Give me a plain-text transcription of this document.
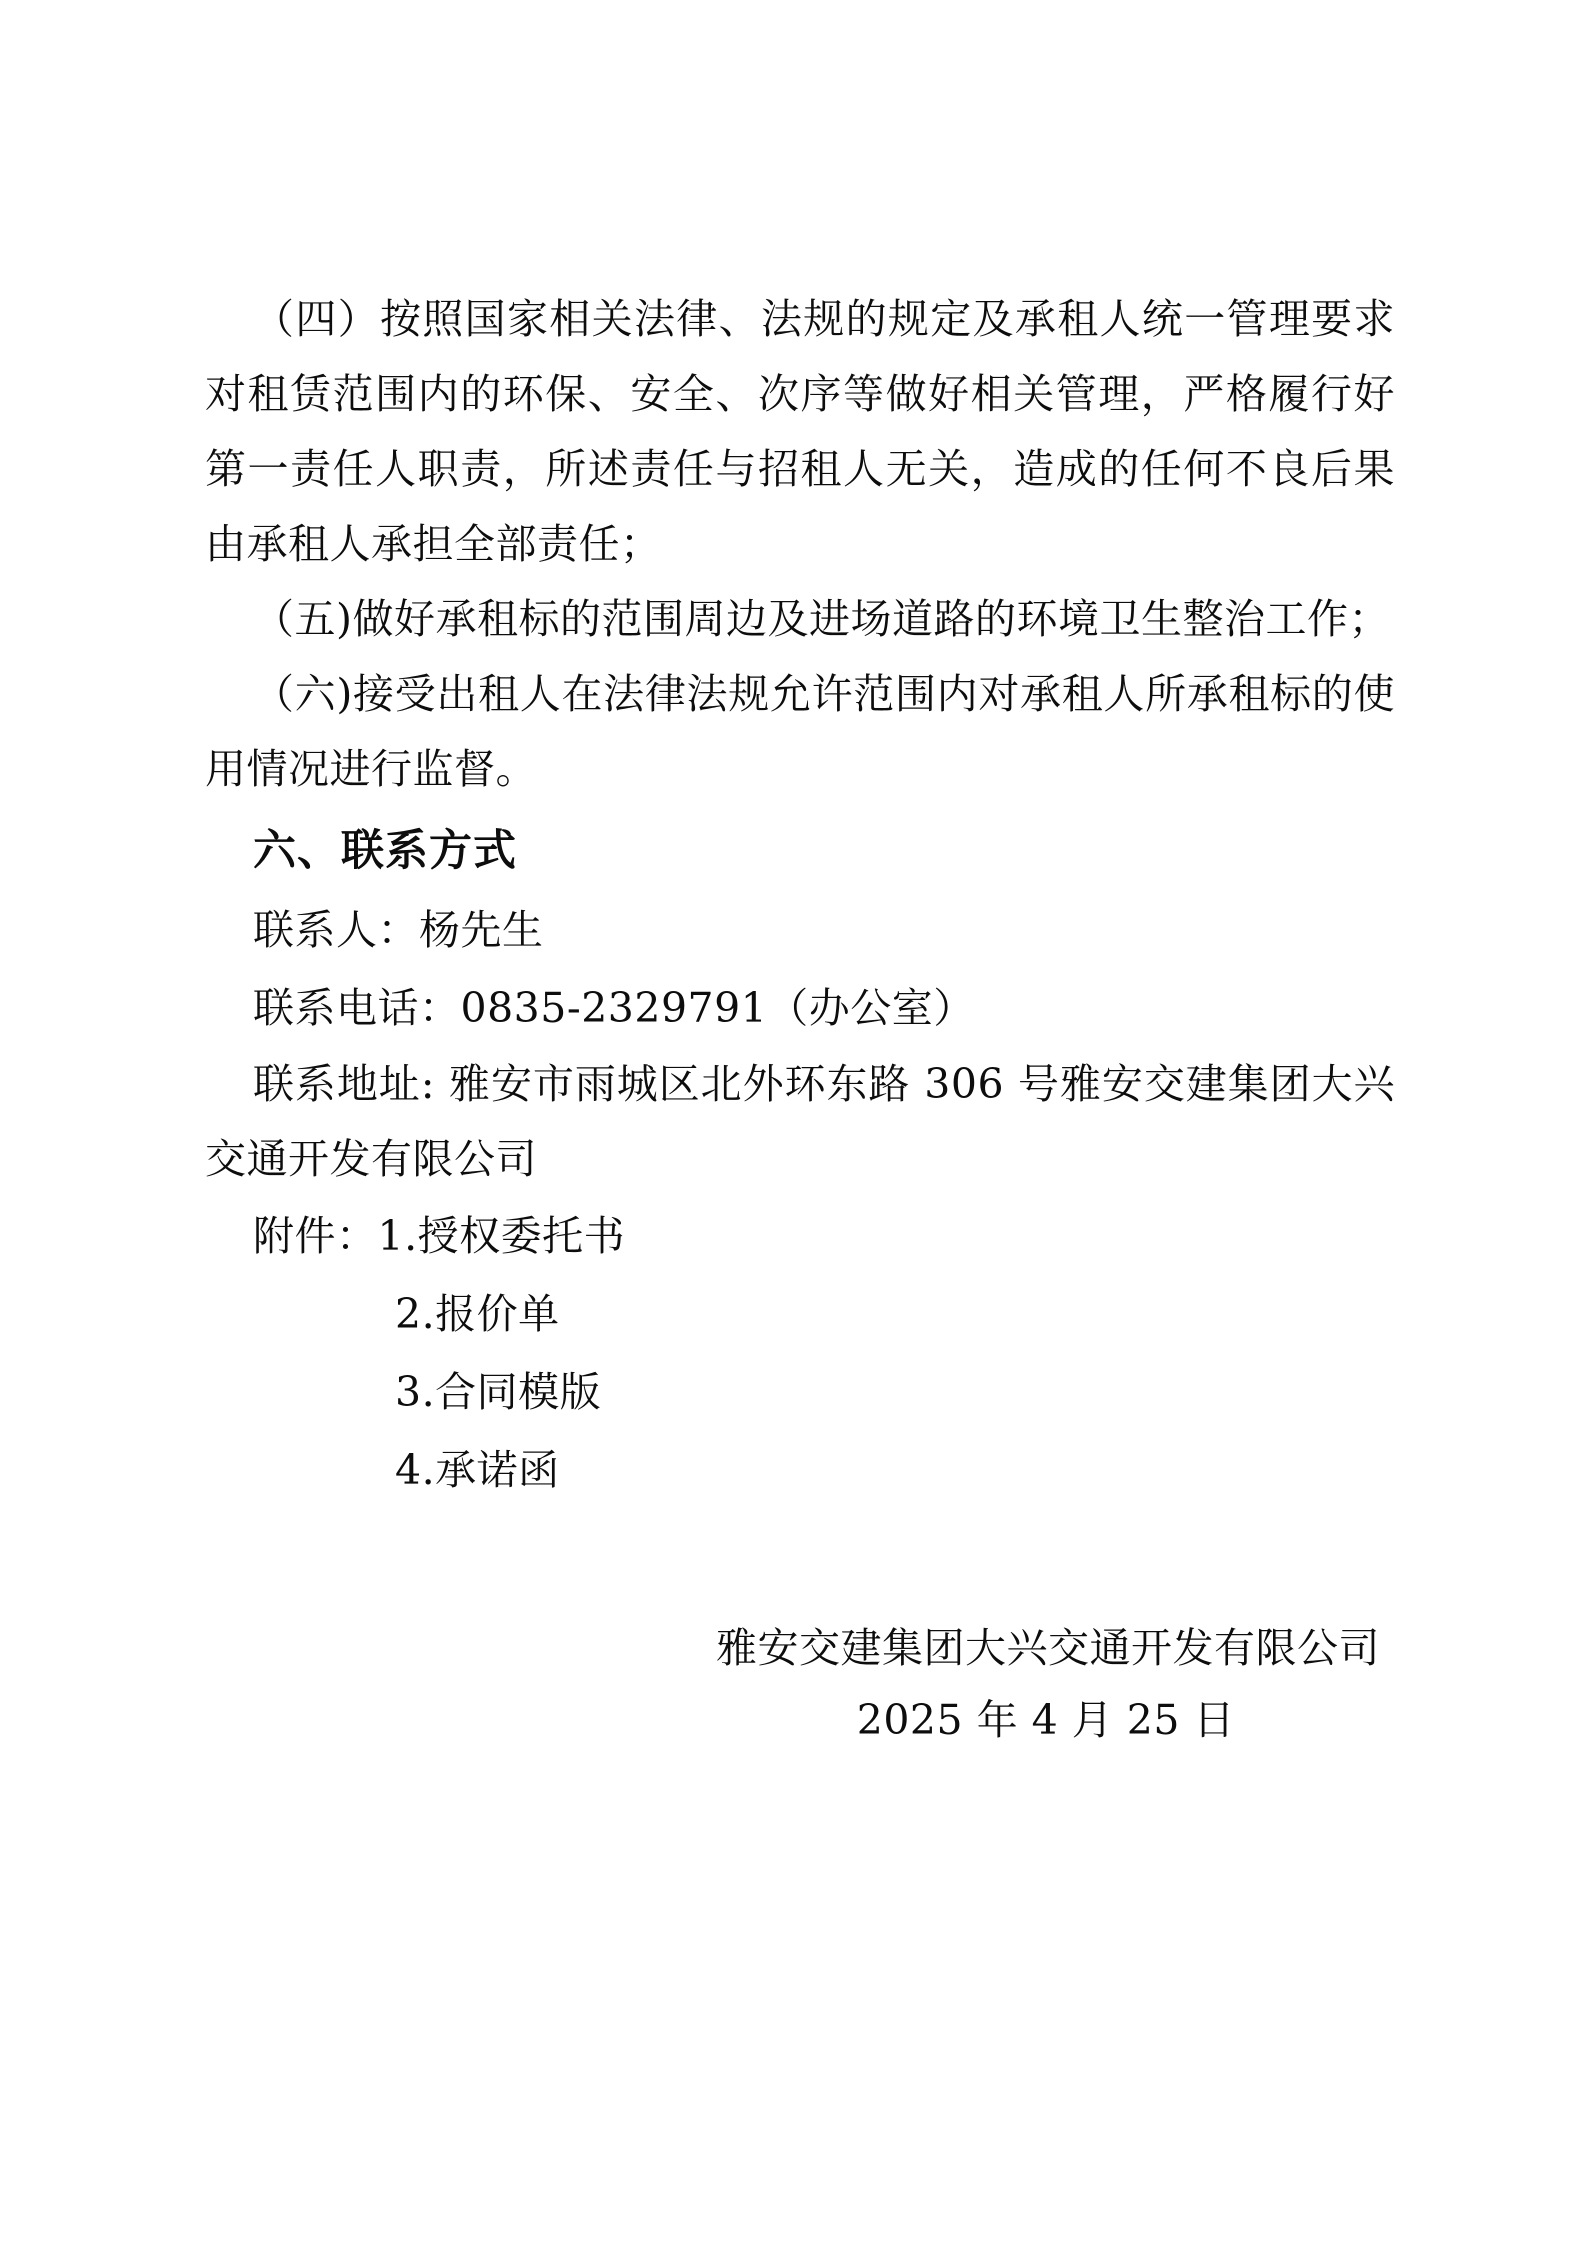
（四）按照国家相关法律、法规的规定及承租人统一管理要求对租赁范围内的环保、安全、次序等做好相关管理，严格履行好第一责任人职责，所述责任与招租人无关，造成的任何不良后果由承租人承担全部责任；

（五)做好承租标的范围周边及进场道路的环境卫生整治工作；

（六)接受出租人在法律法规允许范围内对承租人所承租标的使用情况进行监督。

六、联系方式

联系人：杨先生

联系电话：0835-2329791（办公室）

联系地址: 雅安市雨城区北外环东路 306 号雅安交建集团大兴交通开发有限公司

附件：1.授权委托书

2.报价单

3.合同模版

4.承诺函

雅安交建集团大兴交通开发有限公司

2025 年 4 月 25 日
